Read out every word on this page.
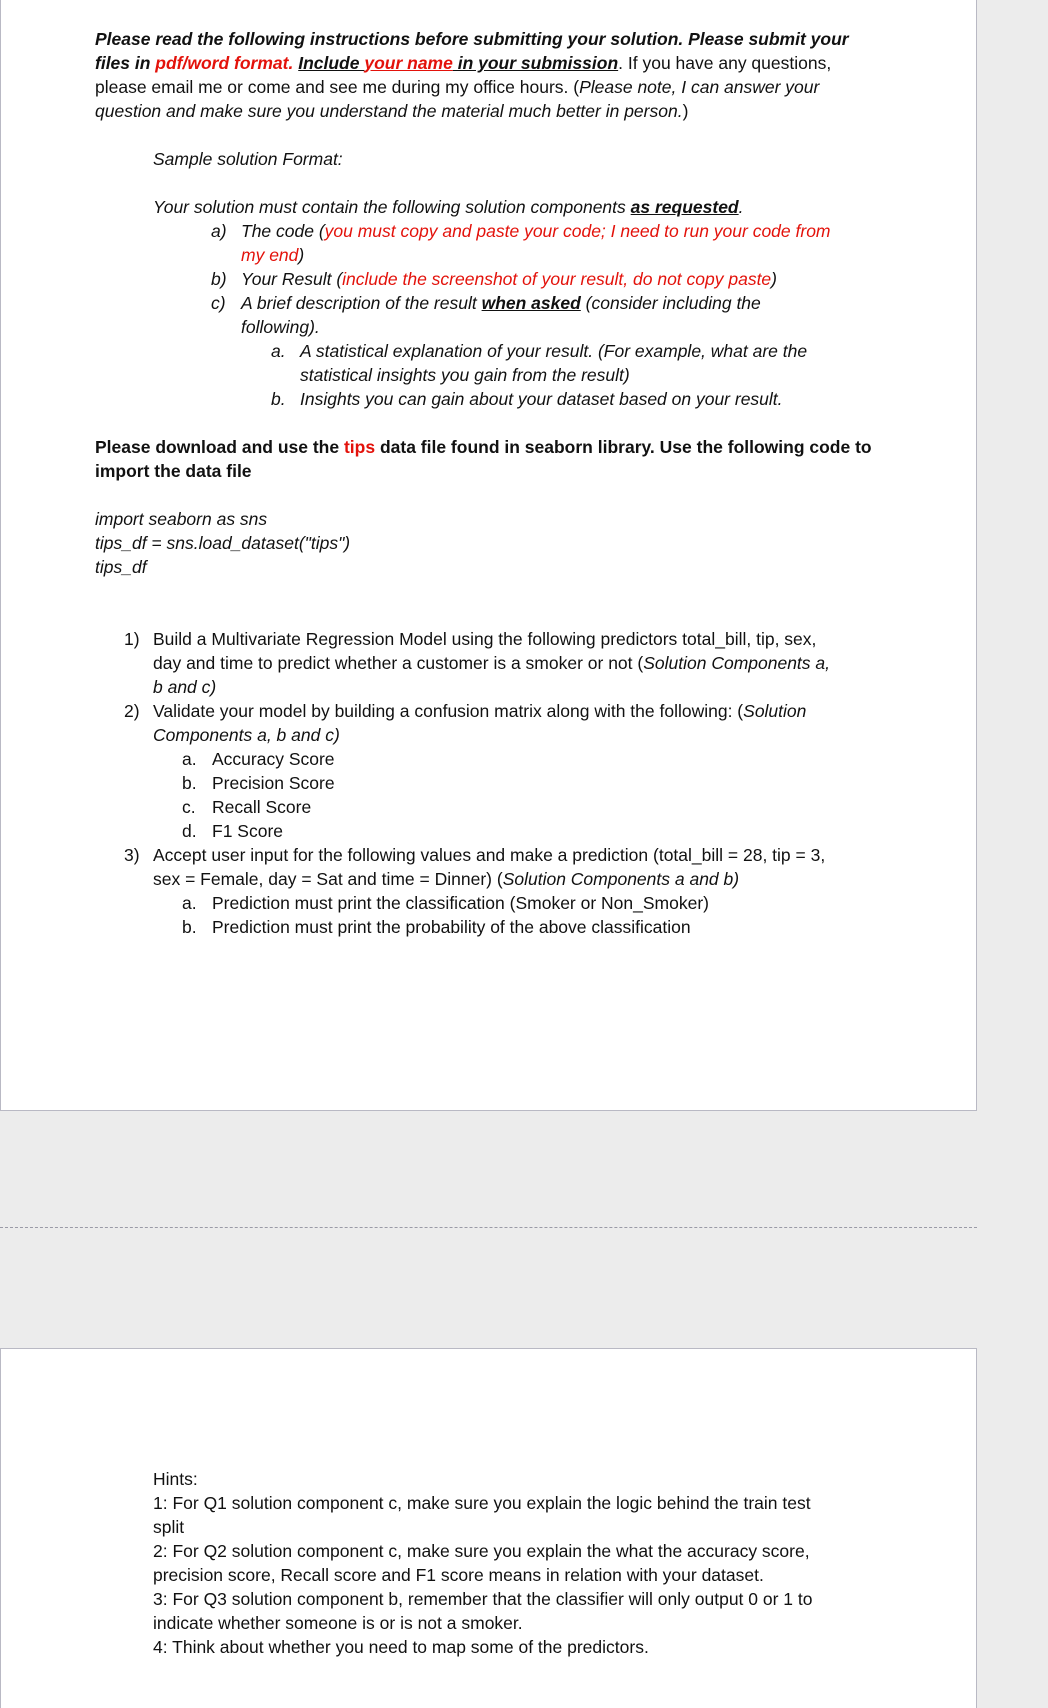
Please read the following instructions before submitting your solution. Please submit your
files in pdf/word format. Include your name in your submission. If you have any questions,
please email me or come and see me during my office hours. (Please note, I can answer your
question and make sure you understand the material much better in person.)
Sample solution Format:
Your solution must contain the following solution components as requested.
a) The code (you must copy and paste your code; I need to run your code from
my end)
b) Your Result (include the screenshot of your result, do not copy paste)
c) A brief description of the result when asked (consider including the
following).
a. A statistical explanation of your result. (For example, what are the
statistical insights you gain from the result)
b. Insights you can gain about your dataset based on your result.
Please download and use the tips data file found in seaborn library. Use the following code to
import the data file
import seaborn as sns
tips_df = sns.load_dataset("tips")
tips_df
1) Build a Multivariate Regression Model using the following predictors total_bill, tip, sex,
day and time to predict whether a customer is a smoker or not (Solution Components a,
b and c)
2) Validate your model by building a confusion matrix along with the following: (Solution
Components a, b and c)
a. Accuracy Score
b. Precision Score
c. Recall Score
d. F1 Score
3) Accept user input for the following values and make a prediction (total_bill = 28, tip = 3,
sex = Female, day = Sat and time = Dinner) (Solution Components a and b)
a. Prediction must print the classification (Smoker or Non_Smoker)
b. Prediction must print the probability of the above classification
Hints:
1: For Q1 solution component c, make sure you explain the logic behind the train test
split
2: For Q2 solution component c, make sure you explain the what the accuracy score,
precision score, Recall score and F1 score means in relation with your dataset.
3: For Q3 solution component b, remember that the classifier will only output 0 or 1 to
indicate whether someone is or is not a smoker.
4: Think about whether you need to map some of the predictors.
